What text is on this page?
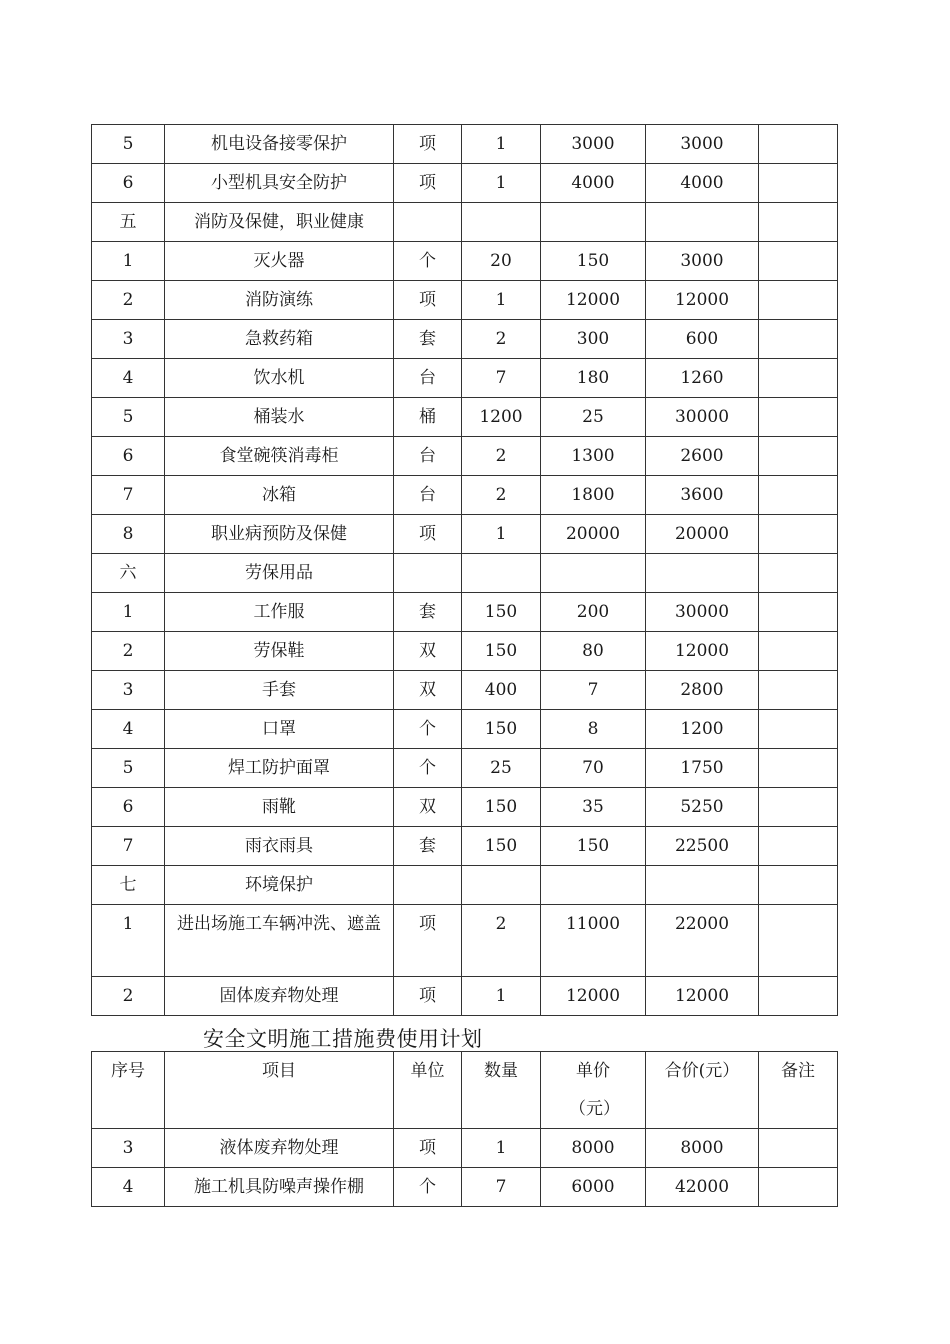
5	机电设备接零保护	项	1	3000	3000	
6	小型机具安全防护	项	1	4000	4000	
五	消防及保健，职业健康					
1	灭火器	个	20	150	3000	
2	消防演练	项	1	12000	12000	
3	急救药箱	套	2	300	600	
4	饮水机	台	7	180	1260	
5	桶装水	桶	1200	25	30000	
6	食堂碗筷消毒柜	台	2	1300	2600	
7	冰箱	台	2	1800	3600	
8	职业病预防及保健	项	1	20000	20000	
六	劳保用品					
1	工作服	套	150	200	30000	
2	劳保鞋	双	150	80	12000	
3	手套	双	400	7	2800	
4	口罩	个	150	8	1200	
5	焊工防护面罩	个	25	70	1750	
6	雨靴	双	150	35	5250	
7	雨衣雨具	套	150	150	22500	
七	环境保护					
1	进出场施工车辆冲洗、遮盖	项	2	11000	22000	
2	固体废弃物处理	项	1	12000	12000	
安全文明施工措施费使用计划
序号	项目	单位	数量	单价（元）	合价(元）	备注
3	液体废弃物处理	项	1	8000	8000	
4	施工机具防噪声操作棚	个	7	6000	42000	
